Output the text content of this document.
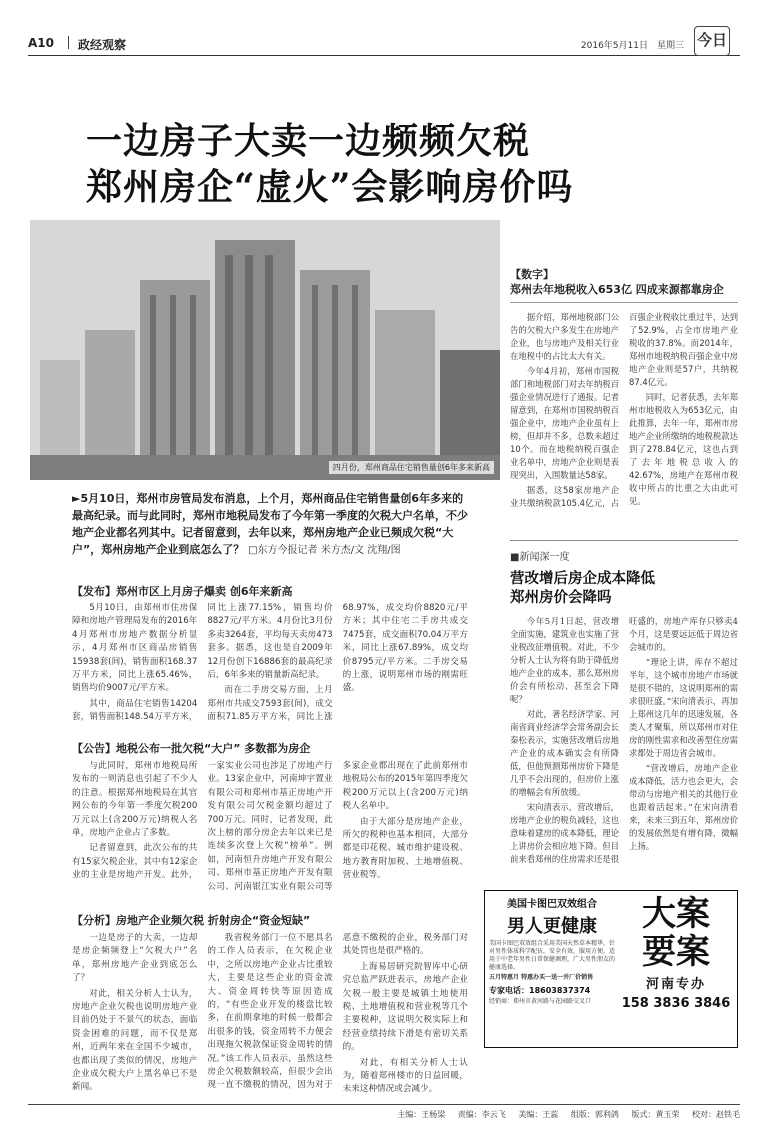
A10 政经观察	2016年5月11日　星期三 今日
一边房子大卖一边频频欠税
郑州房企“虚火”会影响房价吗
四月份，郑州商品住宅销售量创6年多来新高
►5月10日，郑州市房管局发布消息，上个月，郑州商品住宅销售量创6年多来的最高纪录。而与此同时，郑州市地税局发布了今年第一季度的欠税大户名单，不少地产企业都名列其中。记者留意到，去年以来，郑州房地产企业已频成欠税“大户”，郑州房地产企业到底怎么了？ □东方今报记者 米方杰/文 沈翔/图
【数字】
郑州去年地税收入653亿 四成来源都靠房企

据介绍，郑州地税部门公告的欠税大户多发生在房地产企业，也与房地产及相关行业在地税中的占比太大有关。

今年4月初，郑州市国税部门和地税部门对去年纳税百强企业情况进行了通报。记者留意到，在郑州市国税纳税百强企业中，房地产企业虽有上榜，但却并不多，总数未超过10个。而在地税纳税百强企业名单中，房地产企业则是表现突出，入围数量达58家。

据悉，这58家房地产企业共缴纳税款105.4亿元，占百强企业税收比重过半，达到了52.9%，占全市房地产业税收的37.8%。而2014年，郑州市地税纳税百强企业中房地产企业则是57户，共纳税87.4亿元。

同时，记者获悉，去年郑州市地税收入为653亿元，由此推算，去年一年，郑州市房地产企业所缴纳的地税税款达到了278.84亿元，这也占到了去年地税总收入的42.67%，房地产在郑州市税收中所占的比重之大由此可见。

【发布】郑州市区上月房子爆卖 创6年来新高

5月10日，由郑州市住房保障和房地产管理局发布的2016年4月郑州市房地产数据分析显示，4月郑州市区商品房销售15938套(间)，销售面积168.37万平方米，同比上涨65.46%，销售均价9007元/平方米。

其中，商品住宅销售14204套，销售面积148.54万平方米，同比上涨77.15%，销售均价8827元/平方米。4月份比3月份多卖3264套，平均每天卖房473套多。据悉，这也是自2009年12月份创下16886套的最高纪录后，6年多来的销量新高纪录。

而在二手房交易方面，上月郑州市共成交7593套(间)，成交面积71.85万平方米，同比上涨68.97%，成交均价8820元/平方米；其中住宅二手房共成交7475套，成交面积70.04万平方米，同比上涨67.89%，成交均价8795元/平方米。二手房交易的上涨，说明郑州市场的刚需旺盛。

【公告】地税公布一批欠税“大户” 多数都为房企

与此同时，郑州市地税局所发布的一则消息也引起了不少人的注意。根据郑州地税局在其官网公布的今年第一季度欠税200万元以上(含200万元)纳税人名单，房地产企业占了多数。

记者留意到，此次公布的共有15家欠税企业，其中有12家企业的主业是房地产开发。此外，一家实业公司也涉足了房地产行业。13家企业中，河南坤宇置业有限公司和郑州市基正房地产开发有限公司欠税金额均超过了700万元。同时，记者发现，此次上榜的部分房企去年以来已是连续多次登上欠税“榜单”。例如，河南恒升房地产开发有限公司、郑州市基正房地产开发有限公司、河南银江实业有限公司等多家企业都出现在了此前郑州市地税局公布的2015年第四季度欠税200万元以上(含200万元)纳税人名单中。

由于大部分是房地产企业，所欠的税种也基本相同，大部分都是印花税、城市维护建设税、地方教育附加税、土地增值税、营业税等。

【分析】房地产企业频欠税 折射房企“资金短缺”

一边是房子的大卖，一边却是房企频频登上“欠税大户”名单，郑州房地产企业到底怎么了？

对此，相关分析人士认为，房地产企业欠税也说明房地产业目前仍处于不景气的状态，面临资金困难的问题，而不仅是郑州，近两年来在全国不少城市，也都出现了类似的情况，房地产企业成欠税大户上黑名单已不是新闻。

我省税务部门一位不愿具名的工作人员表示，在欠税企业中，之所以房地产企业占比重较大，主要是这些企业的资金流大、资金周转快等原因造成的，“有些企业开发的楼盘比较多，在前期拿地的时候一般都会出很多的钱，资金周转不力便会出现拖欠税款保证资金周转的情况。”该工作人员表示，虽然这些房企欠税数额较高，但很少会出现一直不缴税的情况，因为对于恶意不缴税的企业，税务部门对其处罚也是很严格的。

上海易居研究院智库中心研究总监严跃进表示，房地产企业欠税一般主要是城镇土地使用税、土地增值税和营业税等几个主要税种，这说明欠税实际上和经营业绩持续下滑是有密切关系的。

对此，有相关分析人士认为，随着郑州楼市的日益回暖，未来这种情况或会减少。

■新闻深一度
营改增后房企成本降低
郑州房价会降吗

今年5月1日起，营改增全面实施，建筑业也实施了营业税改征增值税。对此，不少分析人士认为将有助于降低房地产企业的成本，那么郑州房价会有所松动、甚至会下降呢？

对此，著名经济学家、河南省商业经济学会常务副会长秦松表示，实施营改增后房地产企业的成本确实会有所降低，但他预测郑州房价下降是几乎不会出现的，但房价上涨的增幅会有所放缓。

宋向清表示，营改增后，房地产企业的税负减轻，这也意味着建房的成本降低，理论上讲房价会相应地下降。但目前来看郑州的住房需求还是很旺盛的，房地产库存只够卖4个月，这是要远远低于周边省会城市的。

“理论上讲，库存不超过半年，这个城市房地产市场就是很不错的，这说明郑州的需求很旺盛。”宋向清表示，再加上郑州这几年的迅速发展，各类人才聚集，所以郑州市对住房的刚性需求和改善型住房需求都处于周边省会城市。

“营改增后，房地产企业成本降低，活力也会更大，会带动与房地产相关的其他行业也跟着活起来。”在宋向清看来，未来三到五年，郑州房价的发展依然是有增有降，微幅上扬。

美国卡图巴双效组合
男人更健康
美国卡图巴双效组合采用美国天然草本精华，针对男性体质科学配伍，安全有效，服用方便，适用于中老年男性日常保健调理，广大男性朋友的健康选择。
五月特惠月 特惠办买一送一并厂价销售
专家电话：18603837374
经销商：郑州市黄河路与花园路交叉口
大案
要案
河南专办
158 3836 3846
主编：王杨梁 责编：李云飞 美编：王蕊 组版：郭利鸽 版式：黄玉荣 校对：赵铁毛
